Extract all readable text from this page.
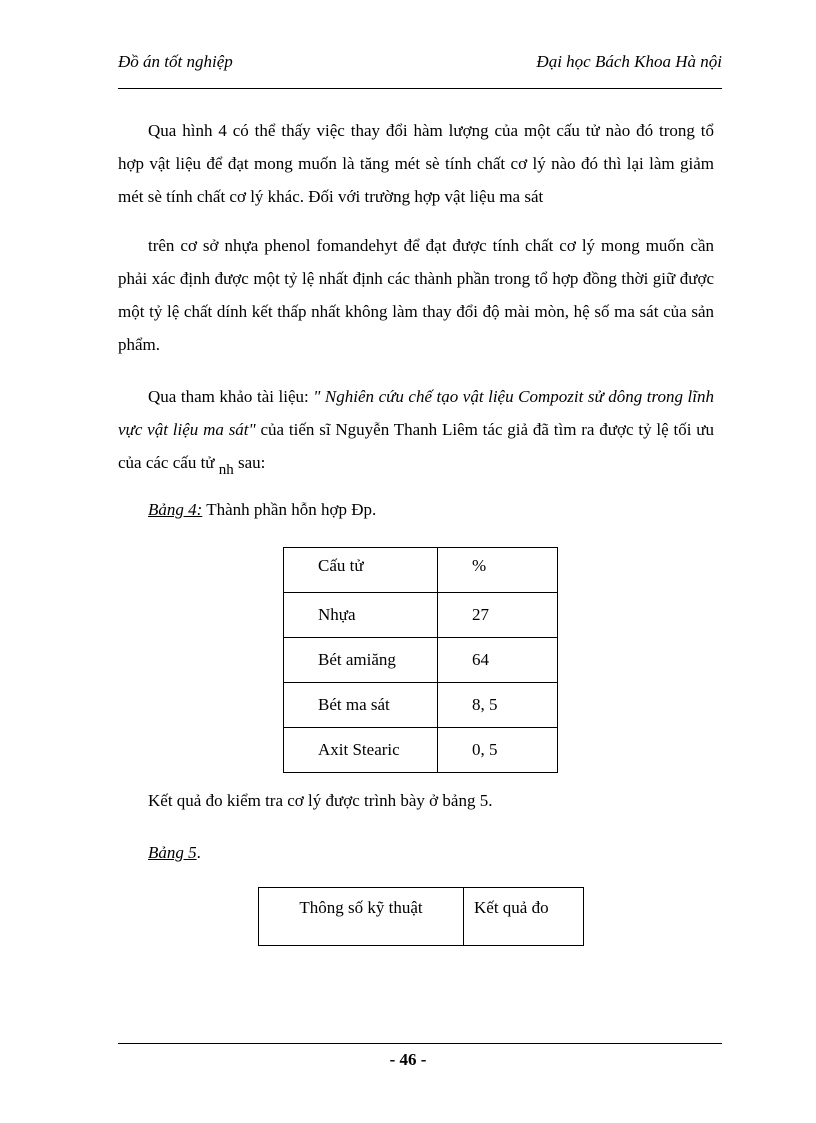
Đồ án tốt nghiệp	Đại học Bách Khoa Hà nội

Qua hình 4 có thể thấy việc thay đổi hàm lượng của một cấu tử nào đó trong tổ hợp vật liệu để đạt mong muốn là tăng mét sè tính chất cơ lý nào đó thì lại làm giảm mét sè tính chất cơ lý khác. Đối với trường hợp vật liệu ma sát

trên cơ sở nhựa phenol fomandehyt để đạt được tính chất cơ lý mong muốn cần phải xác định được một tỷ lệ nhất định các thành phần trong tổ hợp đồng thời giữ được một tỷ lệ chất dính kết thấp nhất không làm thay đổi độ mài mòn, hệ số ma sát của sản phẩm.

Qua tham khảo tài liệu: " Nghiên cứu chế tạo vật liệu Compozit sử dông trong lĩnh vực vật liệu ma sát" của tiến sĩ Nguyễn Thanh Liêm tác giả đã tìm ra được tỷ lệ tối ưu của các cấu tử nh sau:

Bảng 4: Thành phần hỗn hợp Đp.
Cấu tử	%
Nhựa	27
Bét amiăng	64
Bét ma sát	8, 5
Axit Stearic	0, 5
Kết quả đo kiểm tra cơ lý được trình bày ở bảng 5.
Bảng 5.
Thông số kỹ thuật	Kết quả đo
- 46 -
